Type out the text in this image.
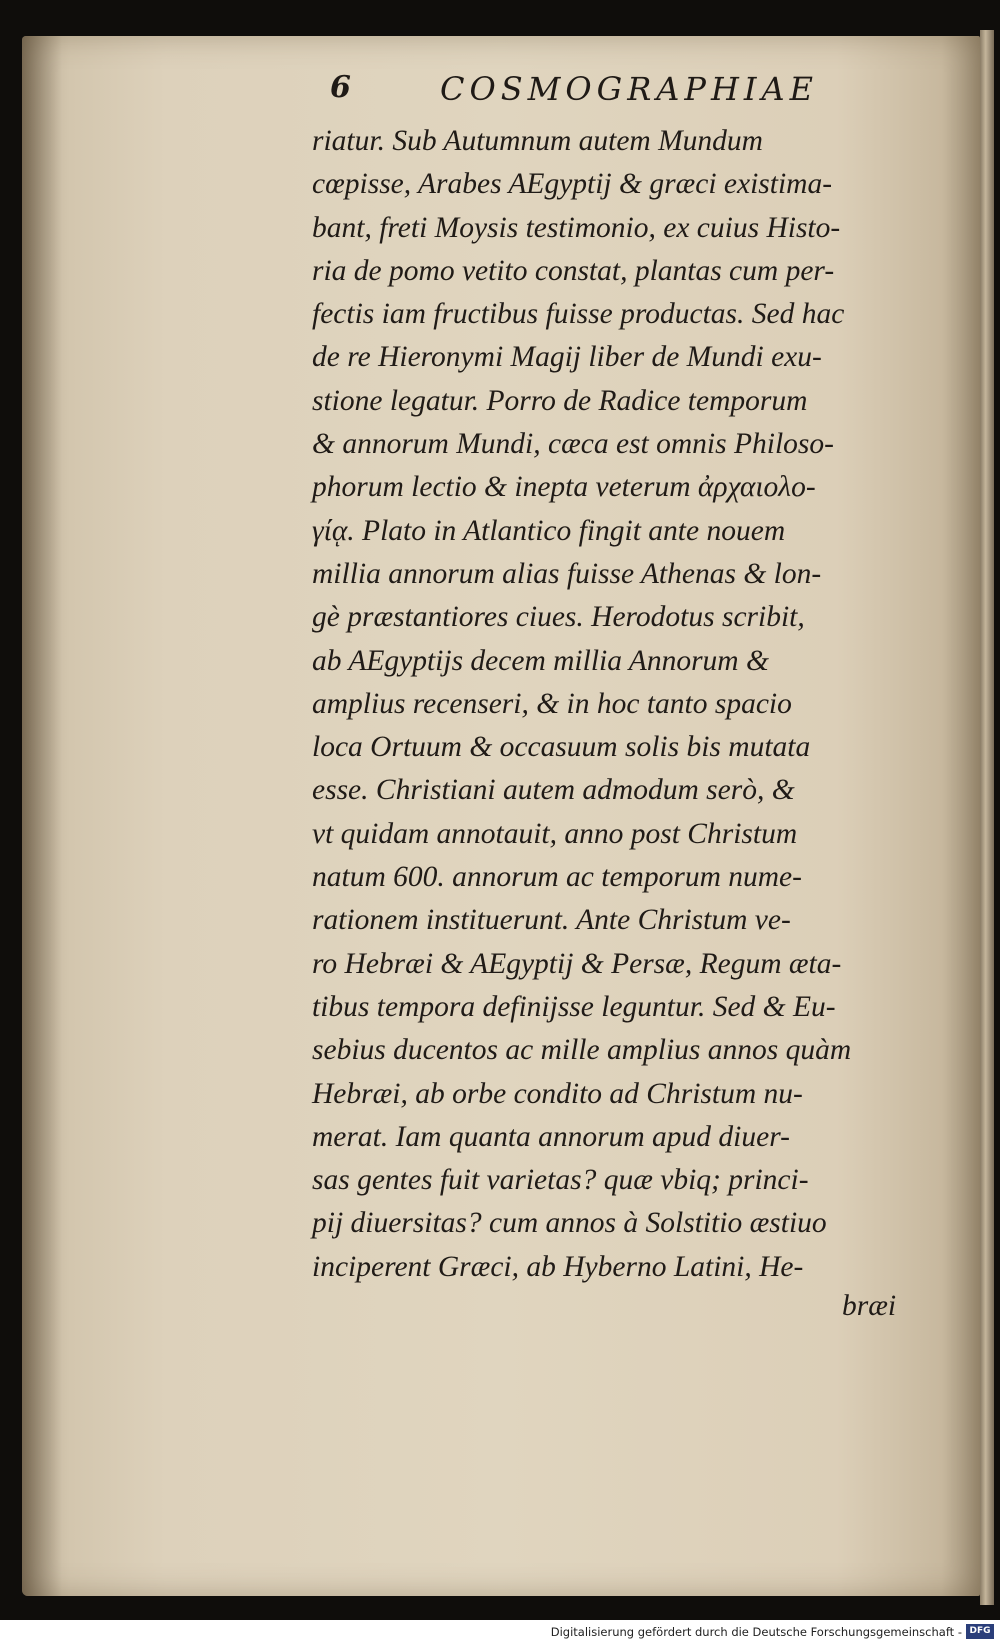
6	COSMOGRAPHIAE
riatur. Sub Autumnum autem Mundum
cœpisse, Arabes AEgyptij & græci existima-
bant, freti Moysis testimonio, ex cuius Histo-
ria de pomo vetito constat, plantas cum per-
fectis iam fructibus fuisse productas. Sed hac
de re Hieronymi Magij liber de Mundi exu-
stione legatur. Porro de Radice temporum
& annorum Mundi, cæca est omnis Philoso-
phorum lectio & inepta veterum ἀρχαιολο-
γίᾳ. Plato in Atlantico fingit ante nouem
millia annorum alias fuisse Athenas & lon-
gè præstantiores ciues. Herodotus scribit,
ab AEgyptijs decem millia Annorum &
amplius recenseri, & in hoc tanto spacio
loca Ortuum & occasuum solis bis mutata
esse. Christiani autem admodum serò, &
vt quidam annotauit, anno post Christum
natum 600. annorum ac temporum nume-
rationem instituerunt. Ante Christum ve-
ro Hebræi & AEgyptij & Persæ, Regum æta-
tibus tempora definijsse leguntur. Sed & Eu-
sebius ducentos ac mille amplius annos quàm
Hebræi, ab orbe condito ad Christum nu-
merat. Iam quanta annorum apud diuer-
sas gentes fuit varietas? quæ vbiq; princi-
pij diuersitas? cum annos à Solstitio æstiuo
inciperent Græci, ab Hyberno Latini, He-
bræi
Digitalisierung gefördert durch die Deutsche Forschungsgemeinschaft - DFG
